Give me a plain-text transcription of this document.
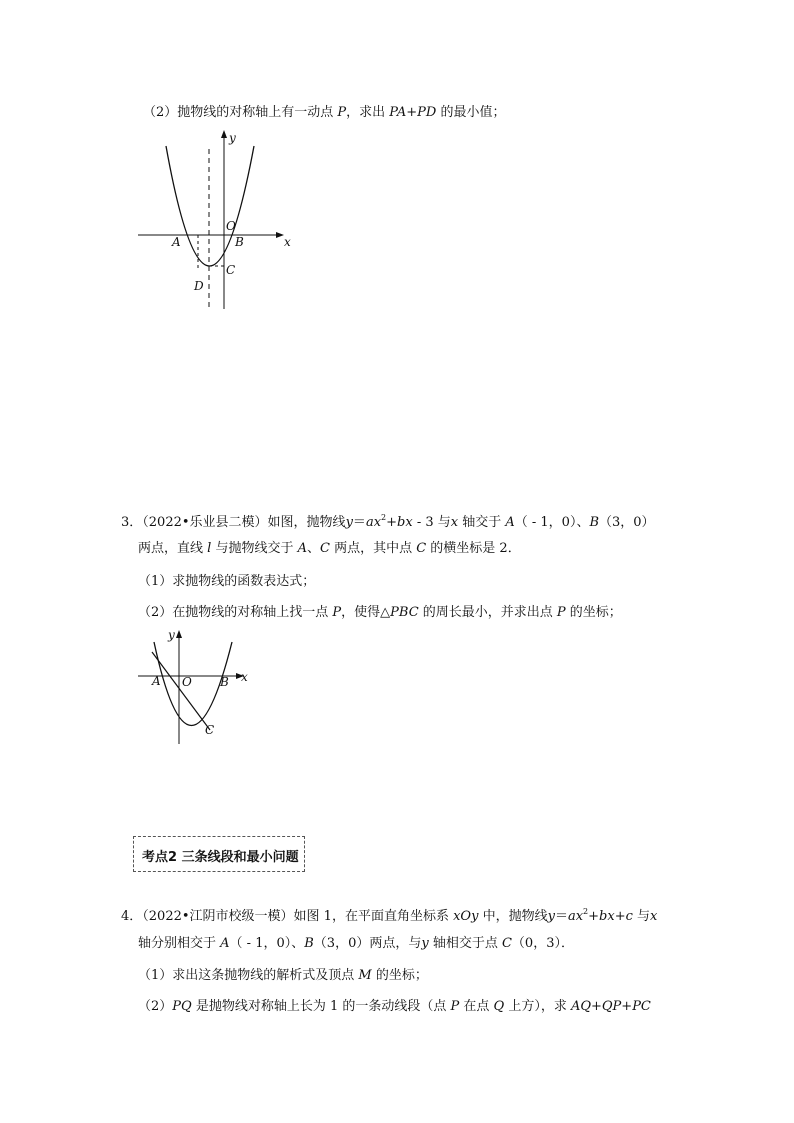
（2）抛物线的对称轴上有一动点 P，求出 PA+PD 的最小值；
y
x
O
A	B
C
D
3．（2022•乐业县二模）如图，抛物线$y=ax^2+bx - 3$ 与x 轴交于 A（ - 1，0）、B（3，0）
两点，直线 l 与抛物线交于 A、C 两点，其中点 C 的横坐标是 2．
（1）求抛物线的函数表达式；
（2）在抛物线的对称轴上找一点 P，使得△PBC 的周长最小，并求出点 P 的坐标；
y
x
O
A	B
C
考点2 三条线段和最小问题
4．（2022•江阴市校级一模）如图 1，在平面直角坐标系 xOy 中，抛物线$y=ax^2+bx+c$ 与x
轴分别相交于 A（ - 1，0）、B（3，0）两点，与y 轴相交于点 C（0，3）．
（1）求出这条抛物线的解析式及顶点 M 的坐标；
（2）PQ 是抛物线对称轴上长为 1 的一条动线段（点 P 在点 Q 上方），求 AQ+QP+PC
